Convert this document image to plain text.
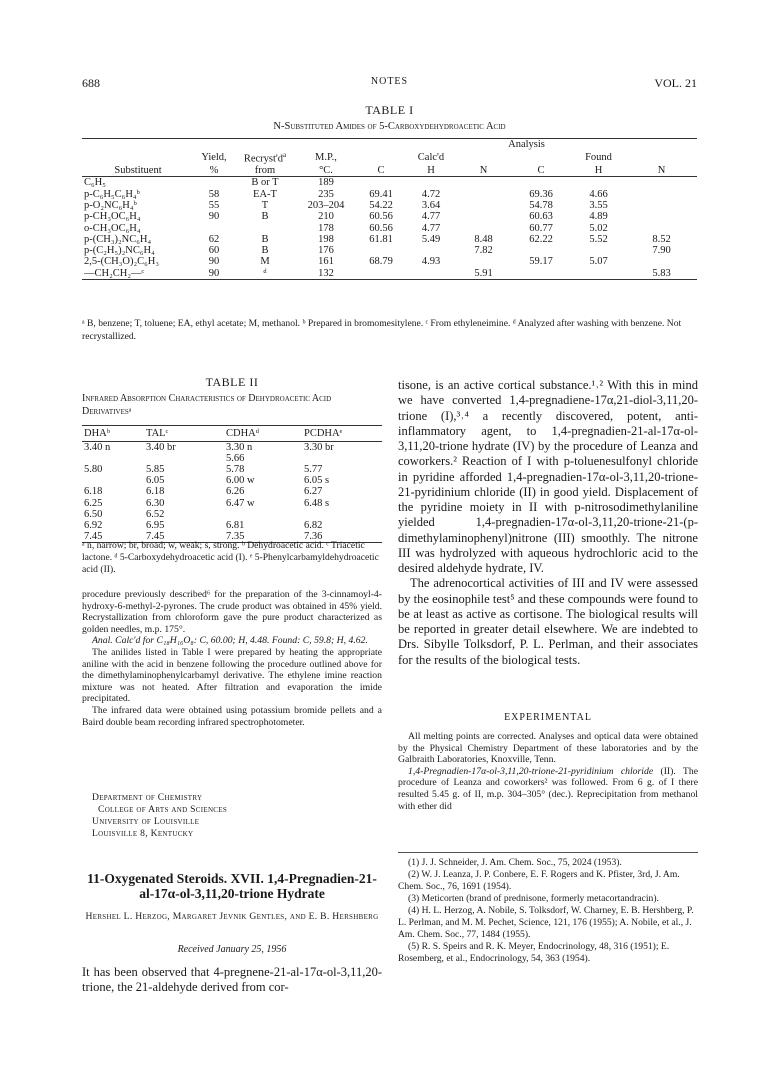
688	NOTES	VOL. 21
TABLE I
N-Substituted Amides of 5-Carboxydehydroacetic Acid
				Analysis					
	Yield,	$Recryst'd^a$	M.P.,		Calc'd			Found	
Substituent	%	from	°C.	C	H	N	C	H	N
C₆H₅		B or T	189						
p-C₆H₅C₆H₄ᵇ	58	EA-T	235	69.41	4.72		69.36	4.66	
p-O₂NC₆H₄ᵇ	55	T	203–204	54.22	3.64		54.78	3.55	
p-CH₃OC₆H₄	90	B	210	60.56	4.77		60.63	4.89	
o-CH₃OC₆H₄			178	60.56	4.77		60.77	5.02	
p-(CH₃)₂NC₆H₄	62	B	198	61.81	5.49	8.48	62.22	5.52	8.52
p-(C₂H₅)₂NC₆H₄	60	B	176			7.82			7.90
2,5-(CH₃O)₂C₆H₃	90	M	161	68.79	4.93		59.17	5.07	
—CH₂CH₂—ᶜ	90	ᵈ	132			5.91			5.83
ᵃ B, benzene; T, toluene; EA, ethyl acetate; M, methanol. ᵇ Prepared in bromomesitylene. ᶜ From ethyleneimine. ᵈ Analyzed after washing with benzene. Not recrystallized.
TABLE II
Infrared Absorption Characteristics of Dehydroacetic Acid Derivativesᵃ
DHAᵇ	TALᶜ	CDHAᵈ	PCDHAᵉ
3.40 n	3.40 br	3.30 n	3.30 br
		5.66	
5.80	5.85	5.78	5.77
	6.05	6.00 w	6.05 s
6.18	6.18	6.26	6.27
6.25	6.30	6.47 w	6.48 s
6.50	6.52		
6.92	6.95	6.81	6.82
7.45	7.45	7.35	7.36
ᵃ n, narrow; br, broad; w, weak; s, strong. ᵇ Dehydroacetic acid. ᶜ Triacetic lactone. ᵈ 5-Carboxydehydroacetic acid (I). ᵉ 5-Phenylcarbamyldehydroacetic acid (II).

procedure previously described⁶ for the preparation of the 3-cinnamoyl-4-hydroxy-6-methyl-2-pyrones. The crude product was obtained in 45% yield. Recrystallization from chloroform gave the pure product characterized as golden needles, m.p. 175°.

Anal. Calc'd for C₁₈H₁₆O₈: C, 60.00; H, 4.48. Found: C, 59.8; H, 4.62.

The anilides listed in Table I were prepared by heating the appropriate aniline with the acid in benzene following the procedure outlined above for the dimethylaminophenylcarbamyl derivative. The ethylene imine reaction mixture was not heated. After filtration and evaporation the imide precipitated.

The infrared data were obtained using potassium bromide pellets and a Baird double beam recording infrared spectrophotometer.

Department of Chemistry
College of Arts and Sciences
University of Louisville
Louisville 8, Kentucky
11-Oxygenated Steroids. XVII. 1,4-Pregnadien-21-al-17α-ol-3,11,20-trione Hydrate
Hershel L. Herzog, Margaret Jevnik Gentles, and E. B. Hershberg
Received January 25, 1956
It has been observed that 4-pregnene-21-al-17α-ol-3,11,20-trione, the 21-aldehyde derived from cor-

tisone, is an active cortical substance.¹˒² With this in mind we have converted 1,4-pregnadiene-17α,21-diol-3,11,20-trione (I),³˒⁴ a recently discovered, potent, anti-inflammatory agent, to 1,4-pregnadien-21-al-17α-ol-3,11,20-trione hydrate (IV) by the procedure of Leanza and coworkers.² Reaction of I with p-toluenesulfonyl chloride in pyridine afforded 1,4-pregnadien-17α-ol-3,11,20-trione-21-pyridinium chloride (II) in good yield. Displacement of the pyridine moiety in II with p-nitrosodimethylaniline yielded 1,4-pregnadien-17α-ol-3,11,20-trione-21-(p-dimethylaminophenyl)nitrone (III) smoothly. The nitrone III was hydrolyzed with aqueous hydrochloric acid to the desired aldehyde hydrate, IV.

The adrenocortical activities of III and IV were assessed by the eosinophile test⁵ and these compounds were found to be at least as active as cortisone. The biological results will be reported in greater detail elsewhere. We are indebted to Drs. Sibylle Tolksdorf, P. L. Perlman, and their associates for the results of the biological tests.

EXPERIMENTAL

All melting points are corrected. Analyses and optical data were obtained by the Physical Chemistry Department of these laboratories and by the Galbraith Laboratories, Knoxville, Tenn.

1,4-Pregnadien-17α-ol-3,11,20-trione-21-pyridinium chloride (II). The procedure of Leanza and coworkers² was followed. From 6 g. of I there resulted 5.45 g. of II, m.p. 304–305° (dec.). Reprecipitation from methanol with ether did

(1) J. J. Schneider, J. Am. Chem. Soc., 75, 2024 (1953).
(2) W. J. Leanza, J. P. Conbere, E. F. Rogers and K. Pfister, 3rd, J. Am. Chem. Soc., 76, 1691 (1954).
(3) Meticorten (brand of prednisone, formerly metacortandracin).
(4) H. L. Herzog, A. Nobile, S. Tolksdorf, W. Charney, E. B. Hershberg, P. L. Perlman, and M. M. Pechet, Science, 121, 176 (1955); A. Nobile, et al., J. Am. Chem. Soc., 77, 1484 (1955).
(5) R. S. Speirs and R. K. Meyer, Endocrinology, 48, 316 (1951); E. Rosemberg, et al., Endocrinology, 54, 363 (1954).
